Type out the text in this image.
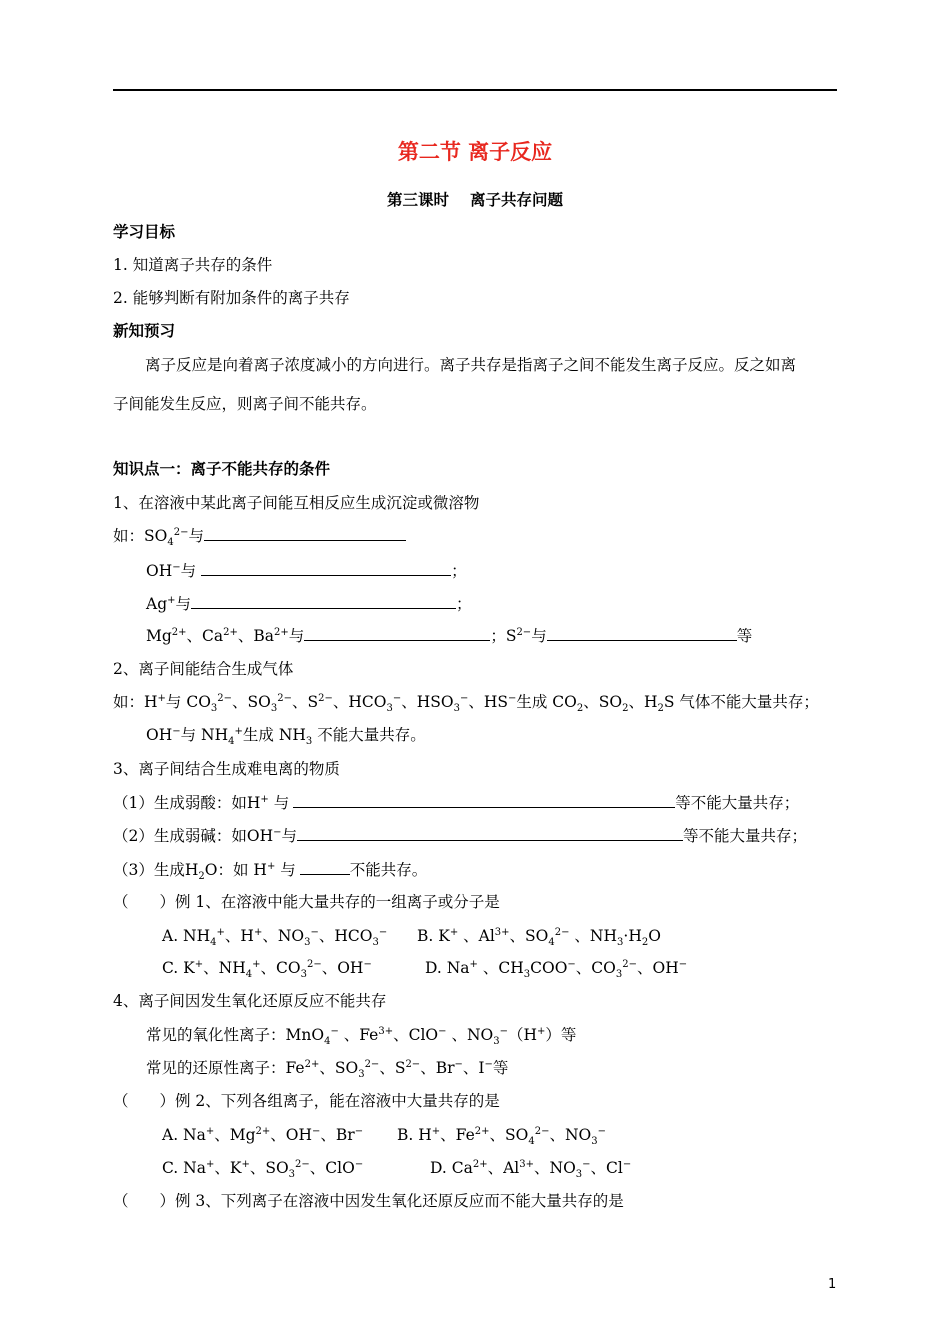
第二节 离子反应
第三课时　 离子共存问题
学习目标
1. 知道离子共存的条件
2. 能够判断有附加条件的离子共存
新知预习
离子反应是向着离子浓度减小的方向进行。离子共存是指离子之间不能发生离子反应。反之如离
子间能发生反应，则离子间不能共存。
知识点一：离子不能共存的条件
1、在溶液中某此离子间能互相反应生成沉淀或微溶物
如：$SO_4^{2-}$与
OH−与	；
Ag+与	；
$Mg^{2+}$、$Ca^{2+}$、$Ba^{2+}$与	；$S^{2-}$与	等
2、离子间能结合生成气体
如：H+与 $CO_3^{2-}$、$SO_3^{2-}$、$S^{2-}$、$HCO_3^-$、$HSO_3^-$、HS−生成 $CO_2$、$SO_2$、$H_2S$ 气体不能大量共存；
OH−与 $NH_4^+$生成 $NH_3$ 不能大量共存。
3、离子间结合生成难电离的物质
（1）生成弱酸：如H+ 与	等不能大量共存；
（2）生成弱碱：如OH−与	等不能大量共存；
（3）生成$H_2O$：如 H+ 与	不能共存。
（　　）例 1、在溶液中能大量共存的一组离子或分子是
A. $NH_4^+$、H+、$NO_3^-$、$HCO_3^-$ B. K+ 、$Al^{3+}$、$SO_4^{2-}$ 、$NH_3\cdot H_2O$
C. K+、$NH_4^+$、$CO_3^{2-}$、OH−	D. Na+ 、$CH_3COO^-$、$CO_3^{2-}$、OH−
4、离子间因发生氧化还原反应不能共存
常见的氧化性离子：MnO$_4$− 、$Fe^{3+}$、ClO− 、$NO_3^-(H^+)$等
常见的还原性离子：$Fe^{2+}$、$SO_3^{2-}$、$S^{2-}$、Br−、I−等
（　　）例 2、下列各组离子，能在溶液中大量共存的是
A. Na+、$Mg^{2+}$、OH−、Br− B. H+、$Fe^{2+}$、$SO_4^{2-}$、$NO_3^-$
C. Na+、K+、$SO_3^{2-}$、ClO−	D. $Ca^{2+}$、$Al^{3+}$、$NO_3^-$、Cl−
（　　）例 3、下列离子在溶液中因发生氧化还原反应而不能大量共存的是
1
